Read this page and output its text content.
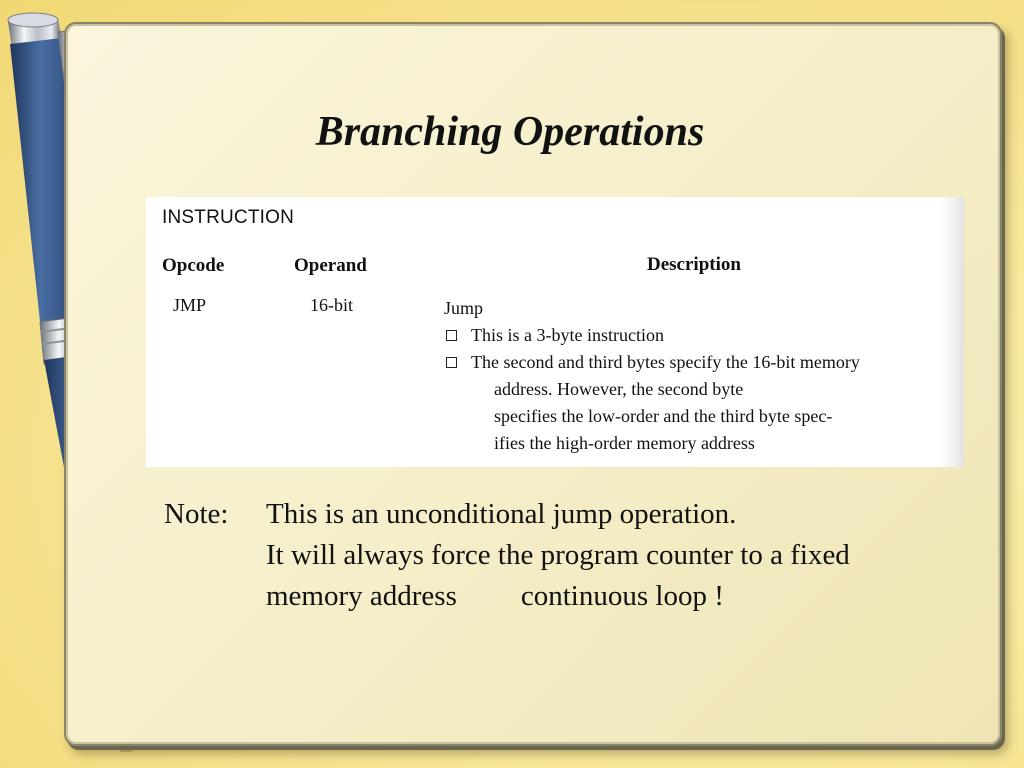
Branching Operations
INSTRUCTION
Opcode	Operand	Description
JMP	16-bit	Jump
This is a 3-byte instruction
The second and third bytes specify the 16-bit memory
address. However, the second byte
specifies the low-order and the third byte spec-
ifies the high-order memory address
Note: This is an unconditional jump operation.
It will always force the program counter to a fixed
memory address continuous loop !
